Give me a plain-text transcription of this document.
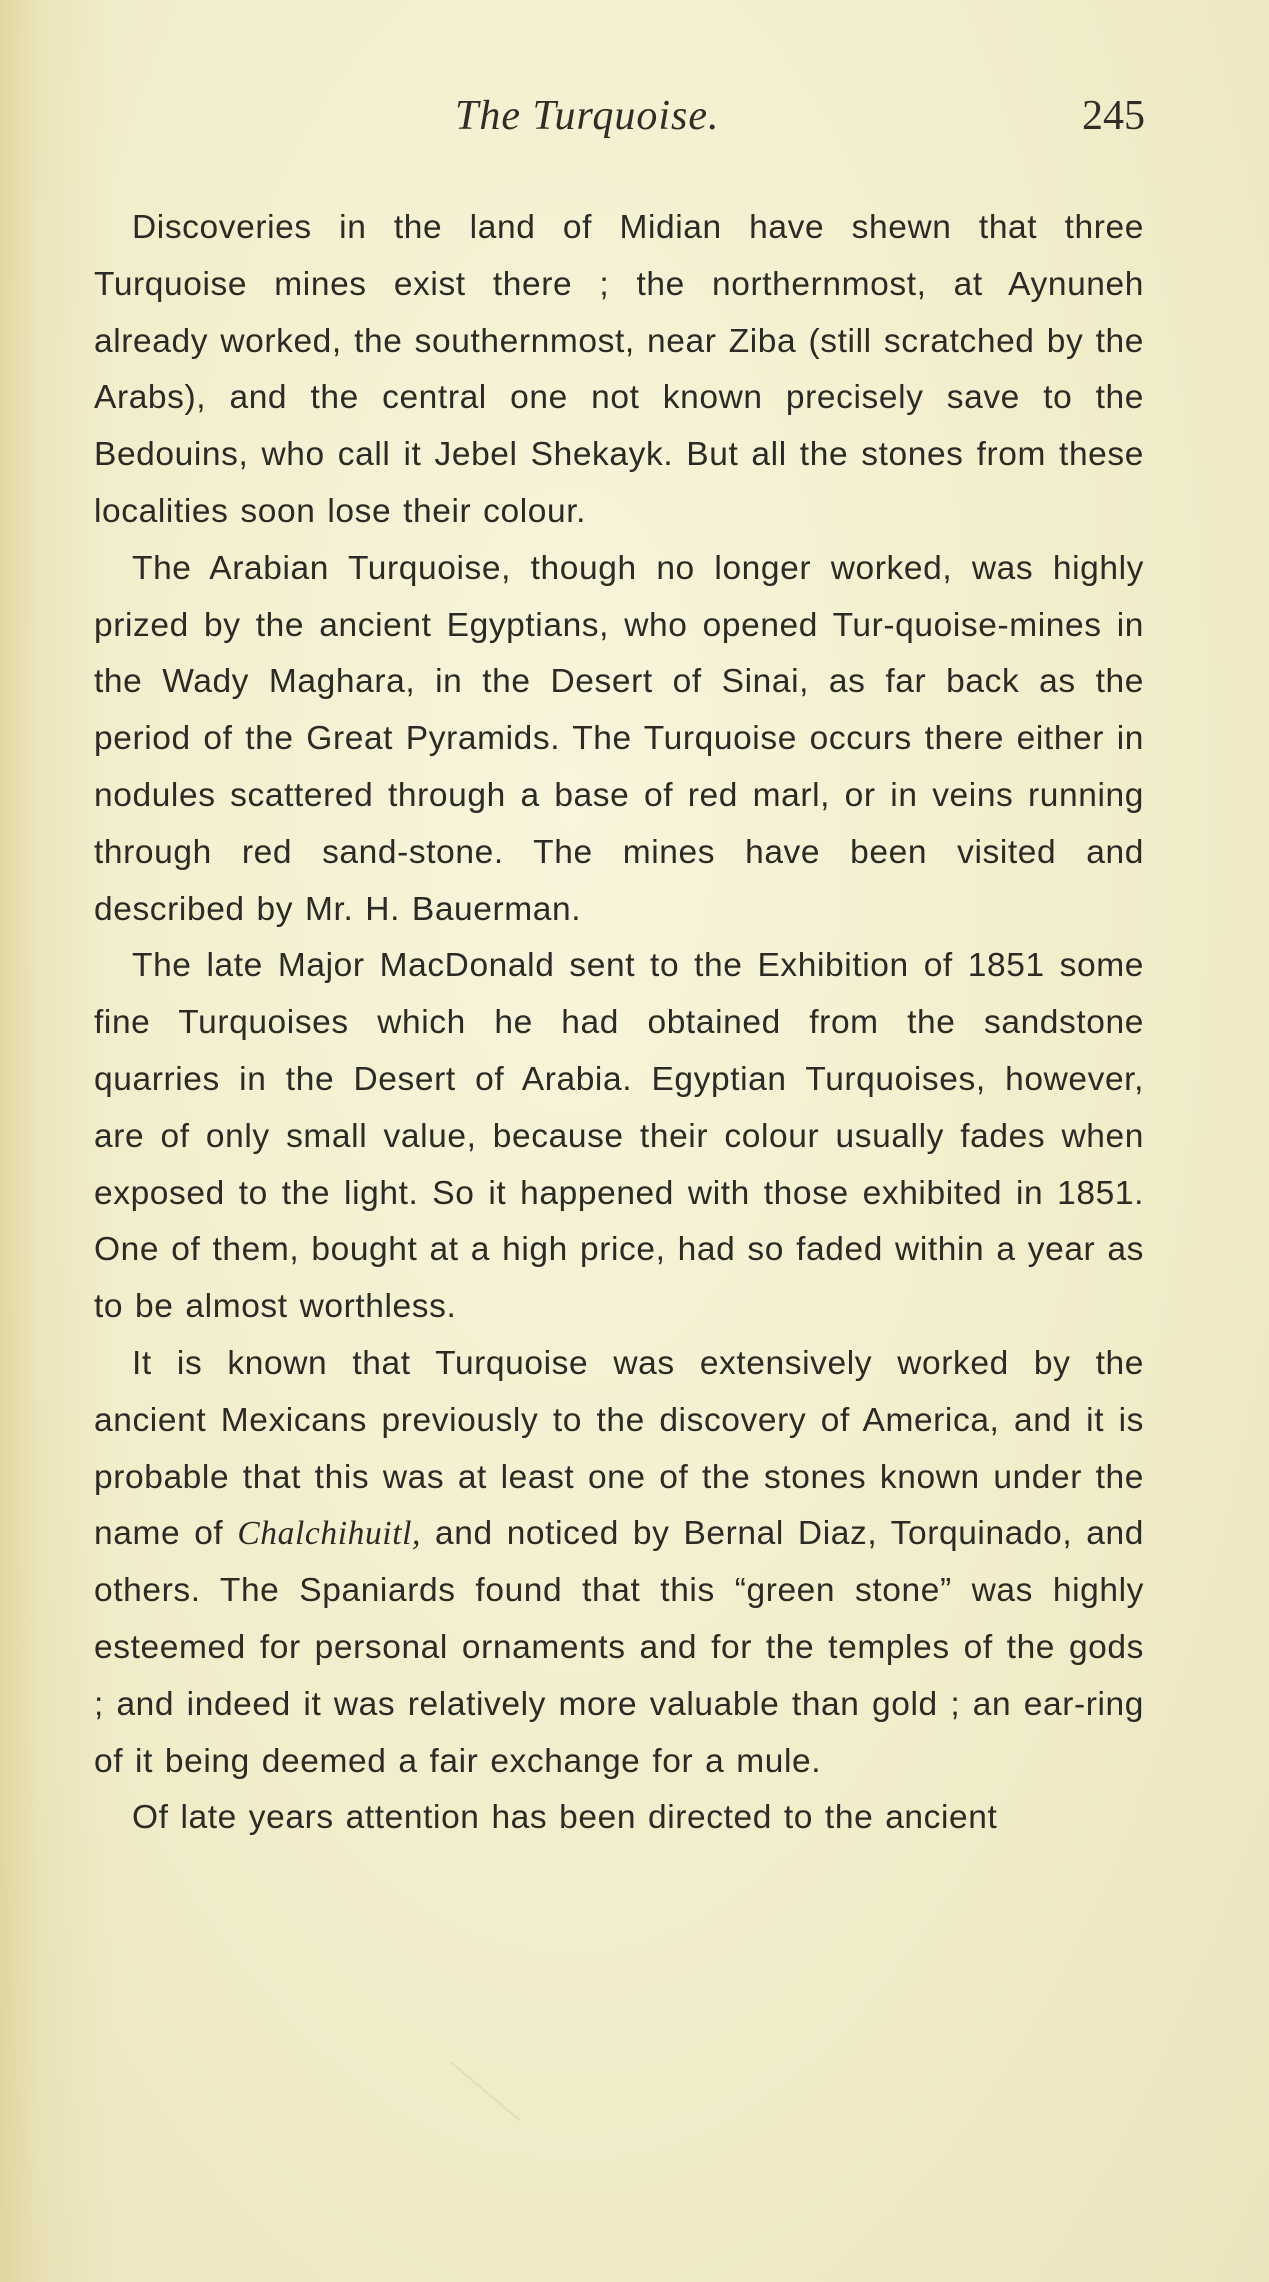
The Turquoise.	245

Discoveries in the land of Midian have shewn that three Turquoise mines exist there ; the northernmost, at Aynuneh already worked, the southernmost, near Ziba (still scratched by the Arabs), and the central one not known precisely save to the Bedouins, who call it Jebel Shekayk. But all the stones from these localities soon lose their colour.

The Arabian Turquoise, though no longer worked, was highly prized by the ancient Egyptians, who opened Tur-quoise-mines in the Wady Maghara, in the Desert of Sinai, as far back as the period of the Great Pyramids. The Turquoise occurs there either in nodules scattered through a base of red marl, or in veins running through red sand-stone. The mines have been visited and described by Mr. H. Bauerman.

The late Major MacDonald sent to the Exhibition of 1851 some fine Turquoises which he had obtained from the sandstone quarries in the Desert of Arabia. Egyptian Turquoises, however, are of only small value, because their colour usually fades when exposed to the light. So it happened with those exhibited in 1851. One of them, bought at a high price, had so faded within a year as to be almost worthless.

It is known that Turquoise was extensively worked by the ancient Mexicans previously to the discovery of America, and it is probable that this was at least one of the stones known under the name of Chalchihuitl, and noticed by Bernal Diaz, Torquinado, and others. The Spaniards found that this “green stone” was highly esteemed for personal ornaments and for the temples of the gods ; and indeed it was relatively more valuable than gold ; an ear-ring of it being deemed a fair exchange for a mule.

Of late years attention has been directed to the ancient
